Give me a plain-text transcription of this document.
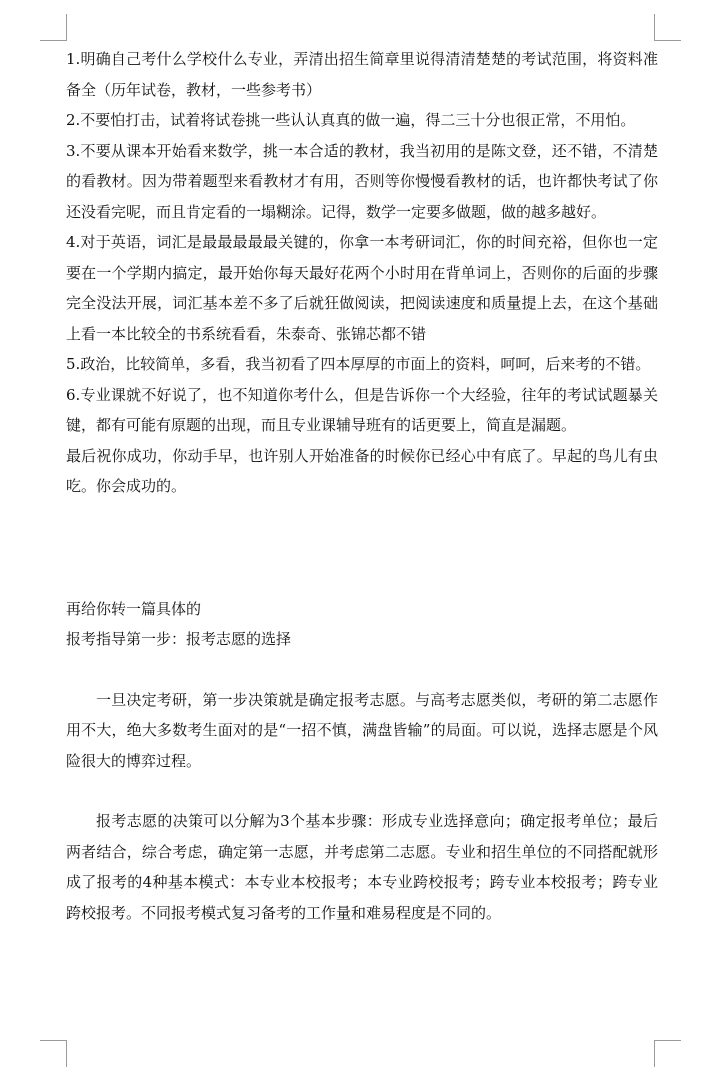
1.明确自己考什么学校什么专业，弄清出招生简章里说得清清楚楚的考试范围，将资料准备全（历年试卷，教材，一些参考书）

2.不要怕打击，试着将试卷挑一些认认真真的做一遍，得二三十分也很正常，不用怕。

3.不要从课本开始看来数学，挑一本合适的教材，我当初用的是陈文登，还不错，不清楚的看教材。因为带着题型来看教材才有用，否则等你慢慢看教材的话，也许都快考试了你还没看完呢，而且肯定看的一塌糊涂。记得，数学一定要多做题，做的越多越好。

4.对于英语，词汇是最最最最最关键的，你拿一本考研词汇，你的时间充裕，但你也一定要在一个学期内搞定，最开始你每天最好花两个小时用在背单词上，否则你的后面的步骤完全没法开展，词汇基本差不多了后就狂做阅读，把阅读速度和质量提上去，在这个基础上看一本比较全的书系统看看，朱泰奇、张锦芯都不错

5.政治，比较简单，多看，我当初看了四本厚厚的市面上的资料，呵呵，后来考的不错。

6.专业课就不好说了，也不知道你考什么，但是告诉你一个大经验，往年的考试试题暴关键，都有可能有原题的出现，而且专业课辅导班有的话更要上，简直是漏题。

最后祝你成功，你动手早，也许别人开始准备的时候你已经心中有底了。早起的鸟儿有虫吃。你会成功的。

再给你转一篇具体的

报考指导第一步：报考志愿的选择

一旦决定考研，第一步决策就是确定报考志愿。与高考志愿类似，考研的第二志愿作用不大，绝大多数考生面对的是“一招不慎，满盘皆输”的局面。可以说，选择志愿是个风险很大的博弈过程。

报考志愿的决策可以分解为3个基本步骤：形成专业选择意向；确定报考单位；最后两者结合，综合考虑，确定第一志愿，并考虑第二志愿。专业和招生单位的不同搭配就形成了报考的4种基本模式：本专业本校报考；本专业跨校报考；跨专业本校报考；跨专业跨校报考。不同报考模式复习备考的工作量和难易程度是不同的。
